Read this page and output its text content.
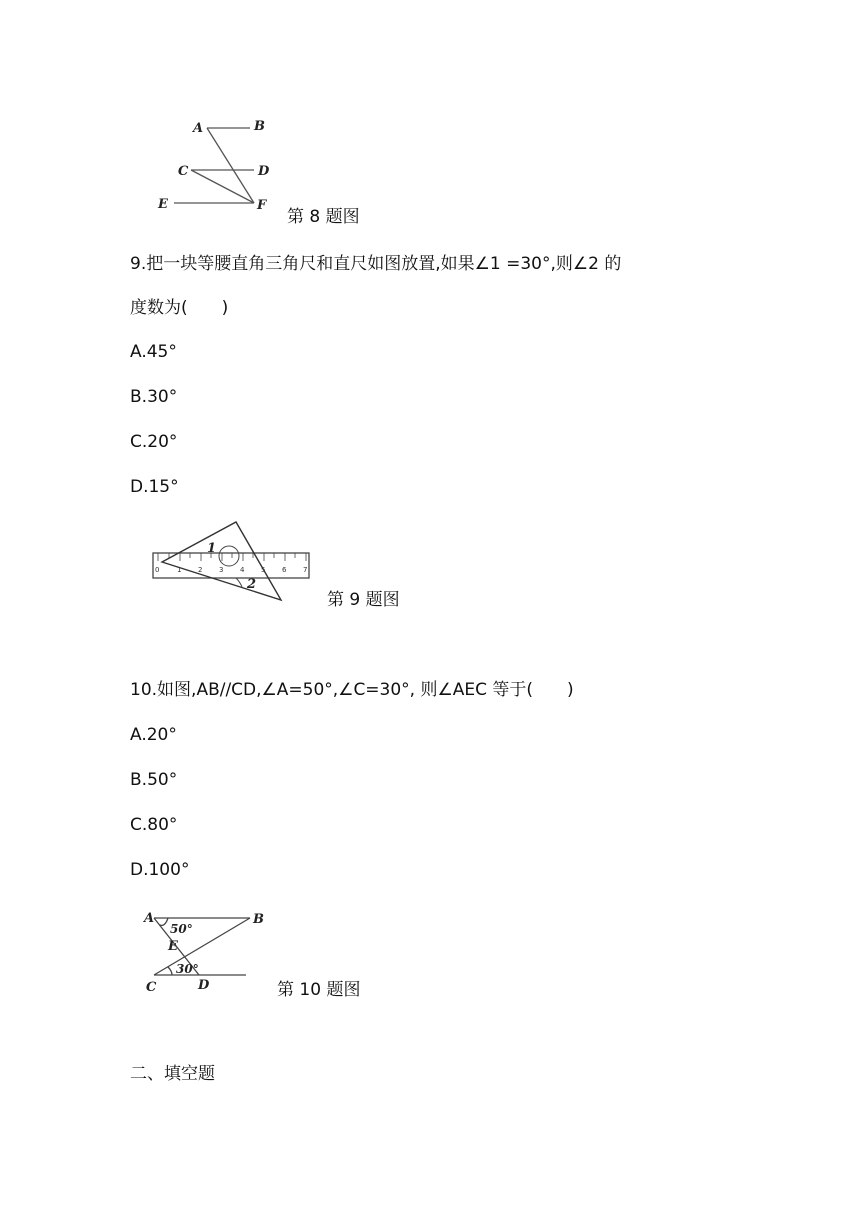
A	B
C	D
E	F
第 8 题图
9.把一块等腰直角三角尺和直尺如图放置,如果∠1 =30°,则∠2 的
度数为(　　)
A.45°
B.30°
C.20°
D.15°
0	1 2 3 4 5 6 7
1
2
第 9 题图
10.如图,AB//CD,∠A=50°,∠C=30°, 则∠AEC 等于(　　)
A.20°
B.50°
C.80°
D.100°
A	B
E
C	D
50°
30°
第 10 题图
二、填空题
